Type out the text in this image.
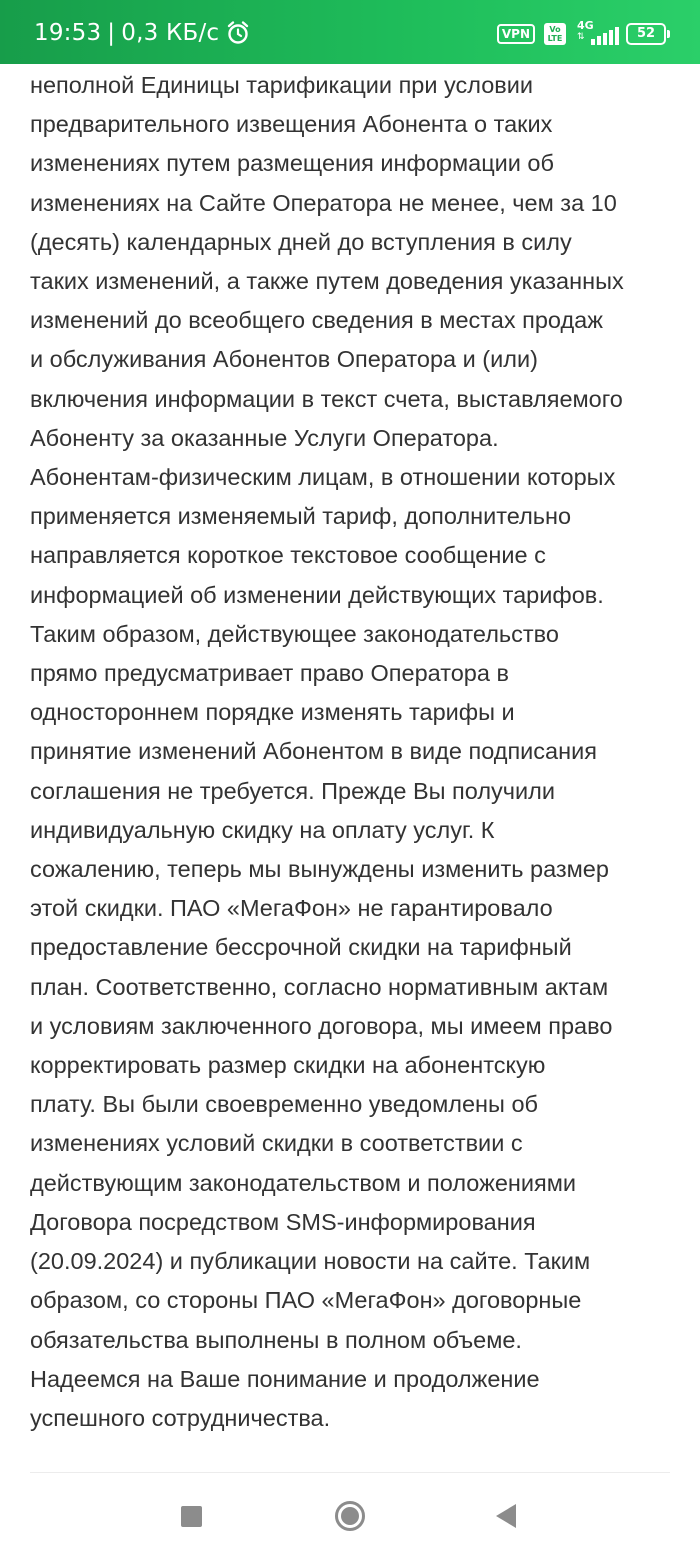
19:53 | 0,3 КБ/с	VPN	Vo
LTE
4G
⇅	52

неполной Единицы тарификации при условии

предварительного извещения Абонента о таких

изменениях путем размещения информации об

изменениях на Сайте Оператора не менее, чем за 10

(десять) календарных дней до вступления в силу

таких изменений, а также путем доведения указанных

изменений до всеобщего сведения в местах продаж

и обслуживания Абонентов Оператора и (или)

включения информации в текст счета, выставляемого

Абоненту за оказанные Услуги Оператора.

Абонентам-физическим лицам, в отношении которых

применяется изменяемый тариф, дополнительно

направляется короткое текстовое сообщение с

информацией об изменении действующих тарифов.

Таким образом, действующее законодательство

прямо предусматривает право Оператора в

одностороннем порядке изменять тарифы и

принятие изменений Абонентом в виде подписания

соглашения не требуется. Прежде Вы получили

индивидуальную скидку на оплату услуг. К

сожалению, теперь мы вынуждены изменить размер

этой скидки. ПАО «МегаФон» не гарантировало

предоставление бессрочной скидки на тарифный

план. Соответственно, согласно нормативным актам

и условиям заключенного договора, мы имеем право

корректировать размер скидки на абонентскую

плату. Вы были своевременно уведомлены об

изменениях условий скидки в соответствии с

действующим законодательством и положениями

Договора посредством SMS-информирования

(20.09.2024) и публикации новости на сайте. Таким

образом, со стороны ПАО «МегаФон» договорные

обязательства выполнены в полном объеме.

Надеемся на Ваше понимание и продолжение

успешного сотрудничества.
